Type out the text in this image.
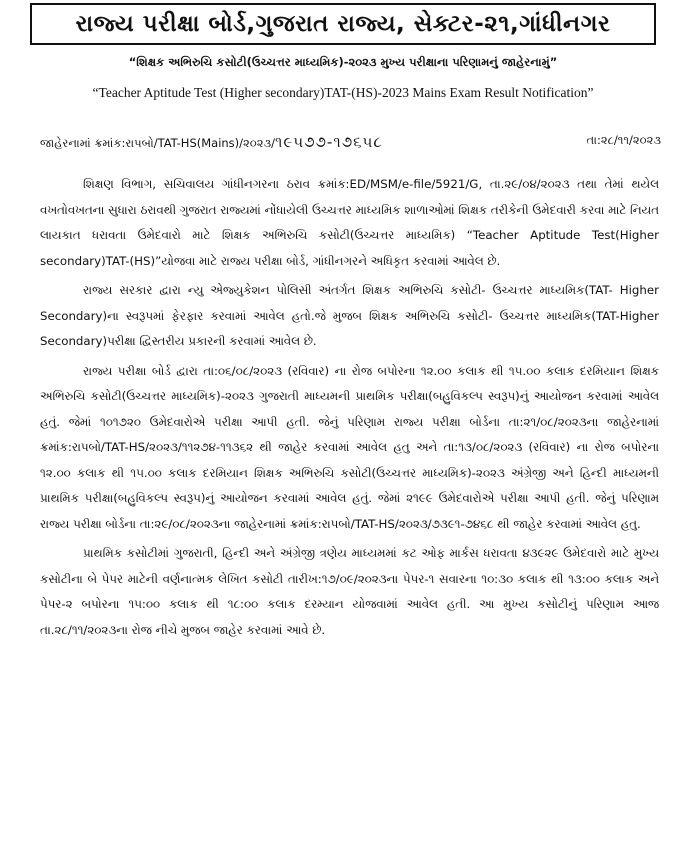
રાજ્ય પરીક્ષા બોર્ડ,ગુજરાત રાજ્ય, સેક્ટર-૨૧,ગાંધીનગર
“શિક્ષક અભિરુચિ કસોટી(ઉચ્ચત્તર માધ્યમિક)-૨૦૨૩ મુખ્ય પરીક્ષાના પરિણામનું જાહેરનામું”
“Teacher Aptitude Test (Higher secondary)TAT-(HS)-2023 Mains Exam Result Notification”
જાહેરનામાં ક્રમાંક:રાપબો/TAT-HS(Mains)/૨૦૨૩/૧૯૫૭૭-૧૭૬૫૮	તા:૨૮/૧૧/૨૦૨૩

શિક્ષણ વિભાગ, સચિવાલય ગાંધીનગરના ઠરાવ ક્રમાંક:ED/MSM/e-file/5921/G, તા.૨૯/૦૪/૨૦૨૩ તથા તેમાં થયેલ વખતોવખતના સુધારા ઠરાવથી ગુજરાત રાજ્યમાં નોંધાયેલી ઉચ્ચત્તર માધ્યમિક શાળાઓમાં શિક્ષક તરીકેની ઉમેદવારી કરવા માટે નિયત લાયકાત ધરાવતા ઉમેદવારો માટે શિક્ષક અભિરુચિ કસોટી(ઉચ્ચત્તર માધ્યમિક) “Teacher Aptitude Test(Higher secondary)TAT-(HS)”યોજવા માટે રાજ્ય પરીક્ષા બોર્ડ, ગાંધીનગરને અધિકૃત કરવામાં આવેલ છે.

રાજ્ય સરકાર દ્વારા ન્યુ એજ્યુકેશન પોલિસી અંતર્ગત શિક્ષક અભિરુચિ કસોટી- ઉચ્ચત્તર માધ્યમિક(TAT- Higher Secondary)ના સ્વરૂપમાં ફેરફાર કરવામાં આવેલ હતો.જે મુજબ શિક્ષક અભિરુચિ કસોટી- ઉચ્ચત્તર માધ્યમિક(TAT-Higher Secondary)પરીક્ષા દ્વિસ્તરીય પ્રકારની કરવામાં આવેલ છે.

રાજ્ય પરીક્ષા બોર્ડ દ્વારા તા:૦૬/૦૮/૨૦૨૩ (રવિવાર) ના રોજ બપોરના ૧૨.૦૦ કલાક થી ૧૫.૦૦ કલાક દરમિયાન શિક્ષક અભિરુચિ કસોટી(ઉચ્ચત્તર માધ્યમિક)-૨૦૨૩ ગુજરાતી માધ્યમની પ્રાથમિક પરીક્ષા(બહુવિકલ્પ સ્વરૂપ)નું આયોજન કરવામાં આવેલ હતું. જેમાં ૧૦૧૭૨૦ ઉમેદવારોએ પરીક્ષા આપી હતી. જેનું પરિણામ રાજ્ય પરીક્ષા બોર્ડના તા:૨૧/૦૮/૨૦૨૩ના જાહેરનામાં ક્રમાંક:રાપબો/TAT-HS/૨૦૨૩/૧૧૨૭૪-૧૧૩૬૨ થી જાહેર કરવામાં આવેલ હતુ અને તા:૧૩/૦૮/૨૦૨૩ (રવિવાર) ના રોજ બપોરના ૧૨.૦૦ કલાક થી ૧૫.૦૦ કલાક દરમિયાન શિક્ષક અભિરુચિ કસોટી(ઉચ્ચત્તર માધ્યમિક)-૨૦૨૩ અંગ્રેજી અને હિન્દી માધ્યમની પ્રાથમિક પરીક્ષા(બહુવિકલ્પ સ્વરૂપ)નું આયોજન કરવામાં આવેલ હતું. જેમાં ૨૧૯૯ ઉમેદવારોએ પરીક્ષા આપી હતી. જેનું પરિણામ રાજ્ય પરીક્ષા બોર્ડના તા:૨૯/૦૮/૨૦૨૩ના જાહેરનામાં ક્રમાંક:રાપબો/TAT-HS/૨૦૨૩/૭૩૯૧-૭૪૬૮ થી જાહેર કરવામાં આવેલ હતુ.

પ્રાથમિક કસોટીમાં ગુજરાતી, હિન્દી અને અંગ્રેજી ત્રણેય માધ્યમમાં કટ ઓફ માર્કસ ધરાવતા ૪૩૯૨૯ ઉમેદવારો માટે મુખ્ય કસોટીના બે પેપર માટેની વર્ણનાત્મક લેખિત કસોટી તારીખ:૧૭/૦૯/૨૦૨૩ના પેપર-૧ સવારના ૧૦:૩૦ કલાક થી ૧૩:૦૦ કલાક અને પેપર-૨ બપોરના ૧૫:૦૦ કલાક થી ૧૮:૦૦ કલાક દરમ્યાન યોજવામાં આવેલ હતી. આ મુખ્ય કસોટીનું પરિણામ આજ તા.૨૮/૧૧/૨૦૨૩ના રોજ નીચે મુજબ જાહેર કરવામાં આવે છે.
